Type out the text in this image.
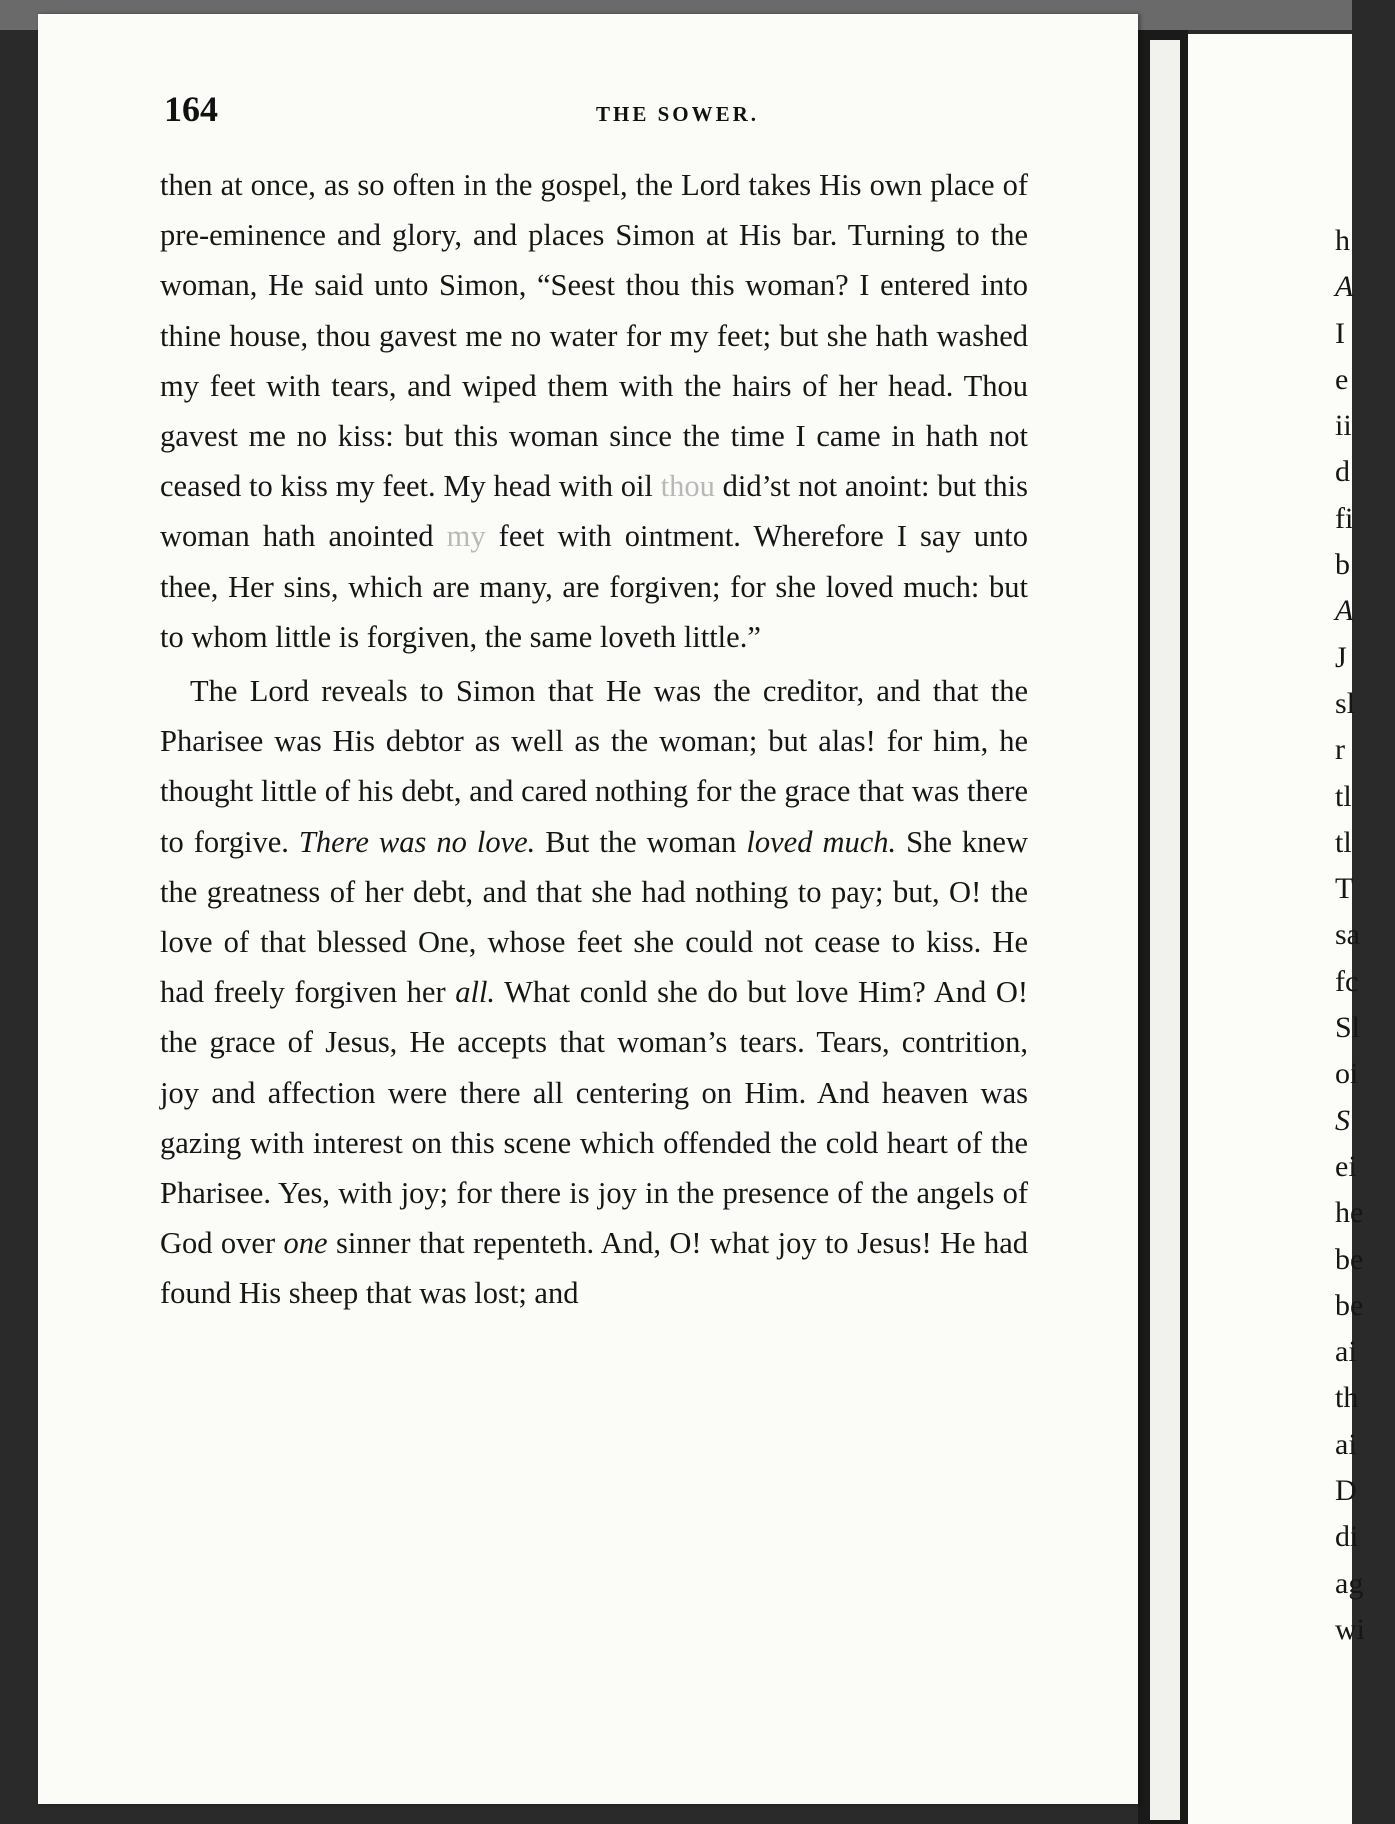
164	THE SOWER.

then at once, as so often in the gospel, the Lord takes His own place of pre-eminence and glory, and places Simon at His bar. Turning to the woman, He said unto Simon, “Seest thou this woman? I entered into thine house, thou gavest me no water for my feet; but she hath washed my feet with tears, and wiped them with the hairs of her head. Thou gavest me no kiss: but this woman since the time I came in hath not ceased to kiss my feet. My head with oil thou did’st not anoint: but this woman hath anointed my feet with ointment. Wherefore I say unto thee, Her sins, which are many, are forgiven; for she loved much: but to whom little is forgiven, the same loveth little.”

The Lord reveals to Simon that He was the creditor, and that the Pharisee was His debtor as well as the woman; but alas! for him, he thought little of his debt, and cared nothing for the grace that was there to forgive. There was no love. But the woman loved much. She knew the greatness of her debt, and that she had nothing to pay; but, O! the love of that blessed One, whose feet she could not cease to kiss. He had freely forgiven her all. What conld she do but love Him? And O! the grace of Jesus, He accepts that woman’s tears. Tears, contrition, joy and affection were there all centering on Him. And heaven was gazing with interest on this scene which offended the cold heart of the Pharisee. Yes, with joy; for there is joy in the presence of the angels of God over one sinner that repenteth. And, O! what joy to Jesus! He had found His sheep that was lost; and

h
A
I
e
ii
d
fi
b
A
J
sl
r
tl
tl
T
sa
fc
Sl
oi
S
ei
he
be
be
ai
th
ai
D
di
ag
wi
